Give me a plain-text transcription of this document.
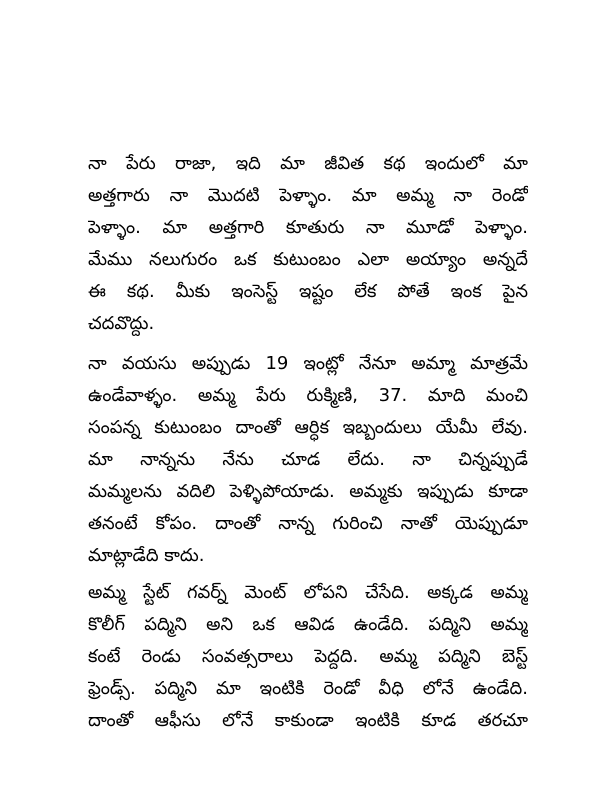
నా పేరు రాజా, ఇది మా జీవిత కథ ఇందులో మా
అత్తగారు నా మొదటి పెళ్ళాం. మా అమ్మ నా రెండో
పెళ్ళాం. మా అత్తగారి కూతురు నా మూడో పెళ్ళాం.
మేము నలుగురం ఒక కుటుంబం ఎలా అయ్యాం అన్నదే
ఈ కథ. మీకు ఇంసెస్ట్ ఇష్టం లేక పోతే ఇంక పైన
చదవొద్దు.
నా వయసు అప్పుడు 19 ఇంట్లో నేనూ అమ్మా మాత్రమే
ఉండేవాళ్ళం. అమ్మ పేరు రుక్మిణి, 37. మాది మంచి
సంపన్న కుటుంబం దాంతో ఆర్ధిక ఇబ్బందులు యేమీ లేవు.
మా నాన్నను నేను చూడ లేదు. నా చిన్నప్పుడే
మమ్మలను వదిలి పెళ్ళిపోయాడు. అమ్మకు ఇప్పుడు కూడా
తనంటే కోపం. దాంతో నాన్న గురించి నాతో యెప్పుడూ
మాట్లాడేది కాదు.
అమ్మ స్టేట్ గవర్న్ మెంట్ లోపని చేసేది. అక్కడ అమ్మ
కొలీగ్ పద్మిని అని ఒక ఆవిడ ఉండేది. పద్మిని అమ్మ
కంటే రెండు సంవత్సరాలు పెద్దది. అమ్మ పద్మిని బెస్ట్
ఫ్రెండ్స్. పద్మిని మా ఇంటికి రెండో వీధి లోనే ఉండేది.
దాంతో ఆఫీసు లోనే కాకుండా ఇంటికి కూడ తరచూ
